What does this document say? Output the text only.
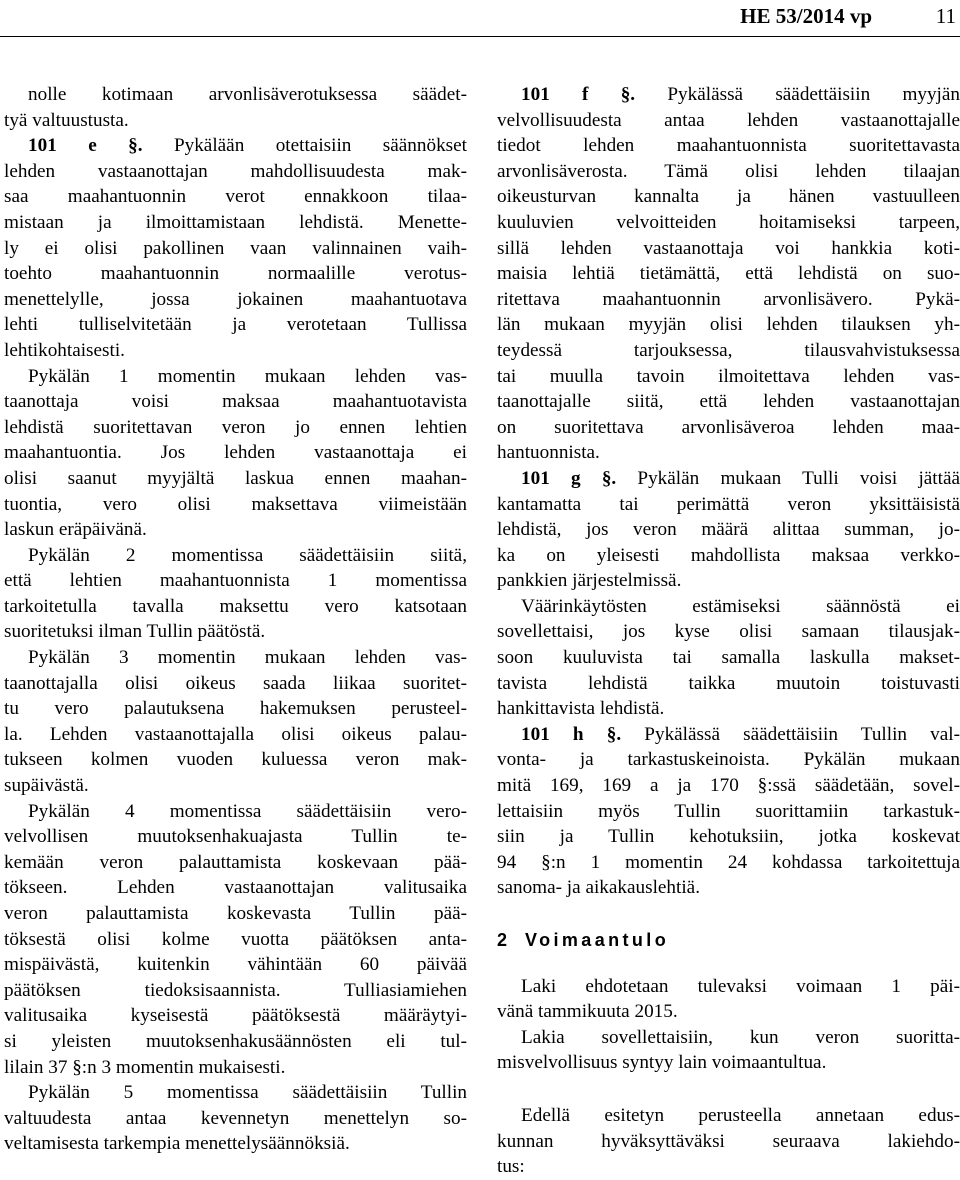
HE 53/2014 vp	11
nolle kotimaan arvonlisäverotuksessa säädet-
tyä valtuustusta.
101 e §. Pykälään otettaisiin säännökset
lehden vastaanottajan mahdollisuudesta mak-
saa maahantuonnin verot ennakkoon tilaa-
mistaan ja ilmoittamistaan lehdistä. Menette-
ly ei olisi pakollinen vaan valinnainen vaih-
toehto maahantuonnin normaalille verotus-
menettelylle, jossa jokainen maahantuotava
lehti tulliselvitetään ja verotetaan Tullissa
lehtikohtaisesti.
Pykälän 1 momentin mukaan lehden vas-
taanottaja voisi maksaa maahantuotavista
lehdistä suoritettavan veron jo ennen lehtien
maahantuontia. Jos lehden vastaanottaja ei
olisi saanut myyjältä laskua ennen maahan-
tuontia, vero olisi maksettava viimeistään
laskun eräpäivänä.
Pykälän 2 momentissa säädettäisiin siitä,
että lehtien maahantuonnista 1 momentissa
tarkoitetulla tavalla maksettu vero katsotaan
suoritetuksi ilman Tullin päätöstä.
Pykälän 3 momentin mukaan lehden vas-
taanottajalla olisi oikeus saada liikaa suoritet-
tu vero palautuksena hakemuksen perusteel-
la. Lehden vastaanottajalla olisi oikeus palau-
tukseen kolmen vuoden kuluessa veron mak-
supäivästä.
Pykälän 4 momentissa säädettäisiin vero-
velvollisen muutoksenhakuajasta Tullin te-
kemään veron palauttamista koskevaan pää-
tökseen. Lehden vastaanottajan valitusaika
veron palauttamista koskevasta Tullin pää-
töksestä olisi kolme vuotta päätöksen anta-
mispäivästä, kuitenkin vähintään 60 päivää
päätöksen tiedoksisaannista. Tulliasiamiehen
valitusaika kyseisestä päätöksestä määräytyi-
si yleisten muutoksenhakusäännösten eli tul-
lilain 37 §:n 3 momentin mukaisesti.
Pykälän 5 momentissa säädettäisiin Tullin
valtuudesta antaa kevennetyn menettelyn so-
veltamisesta tarkempia menettelysäännöksiä.
101 f §. Pykälässä säädettäisiin myyjän
velvollisuudesta antaa lehden vastaanottajalle
tiedot lehden maahantuonnista suoritettavasta
arvonlisäverosta. Tämä olisi lehden tilaajan
oikeusturvan kannalta ja hänen vastuulleen
kuuluvien velvoitteiden hoitamiseksi tarpeen,
sillä lehden vastaanottaja voi hankkia koti-
maisia lehtiä tietämättä, että lehdistä on suo-
ritettava maahantuonnin arvonlisävero. Pykä-
län mukaan myyjän olisi lehden tilauksen yh-
teydessä tarjouksessa, tilausvahvistuksessa
tai muulla tavoin ilmoitettava lehden vas-
taanottajalle siitä, että lehden vastaanottajan
on suoritettava arvonlisäveroa lehden maa-
hantuonnista.
101 g §. Pykälän mukaan Tulli voisi jättää
kantamatta tai perimättä veron yksittäisistä
lehdistä, jos veron määrä alittaa summan, jo-
ka on yleisesti mahdollista maksaa verkko-
pankkien järjestelmissä.
Väärinkäytösten estämiseksi säännöstä ei
sovellettaisi, jos kyse olisi samaan tilausjak-
soon kuuluvista tai samalla laskulla makset-
tavista lehdistä taikka muutoin toistuvasti
hankittavista lehdistä.
101 h §. Pykälässä säädettäisiin Tullin val-
vonta- ja tarkastuskeinoista. Pykälän mukaan
mitä 169, 169 a ja 170 §:ssä säädetään, sovel-
lettaisiin myös Tullin suorittamiin tarkastuk-
siin ja Tullin kehotuksiin, jotka koskevat
94 §:n 1 momentin 24 kohdassa tarkoitettuja
sanoma- ja aikakauslehtiä.
2 Voimaantulo
Laki ehdotetaan tulevaksi voimaan 1 päi-
vänä tammikuuta 2015.
Lakia sovellettaisiin, kun veron suoritta-
misvelvollisuus syntyy lain voimaantultua.
Edellä esitetyn perusteella annetaan edus-
kunnan hyväksyttäväksi seuraava lakiehdo-
tus:
